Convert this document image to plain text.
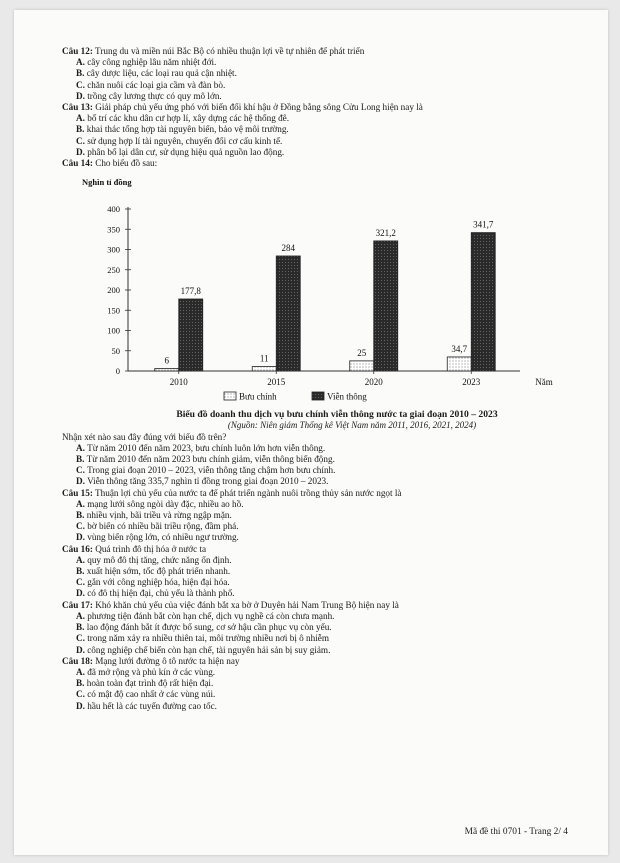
Câu 12: Trung du và miền núi Bắc Bộ có nhiều thuận lợi về tự nhiên để phát triển

A. cây công nghiệp lâu năm nhiệt đới.

B. cây dược liệu, các loại rau quả cận nhiệt.

C. chăn nuôi các loại gia cầm và đàn bò.

D. trồng cây lương thực có quy mô lớn.

Câu 13: Giải pháp chủ yếu ứng phó với biến đổi khí hậu ở Đồng bằng sông Cửu Long hiện nay là

A. bố trí các khu dân cư hợp lí, xây dựng các hệ thống đê.

B. khai thác tổng hợp tài nguyên biển, bảo vệ môi trường.

C. sử dụng hợp lí tài nguyên, chuyển đổi cơ cấu kinh tế.

D. phân bố lại dân cư, sử dụng hiệu quả nguồn lao động.

Câu 14: Cho biểu đồ sau:

Nghìn tỉ đồng
0
50
100
150
200
250
300
350
400
6
177,8
2010
11
284
2015
25
321,2
2020
34,7
341,7
2023	Năm
Bưu chính	Viễn thông
Biểu đồ doanh thu dịch vụ bưu chính viễn thông nước ta giai đoạn 2010 – 2023
(Nguồn: Niên giám Thống kê Việt Nam năm 2011, 2016, 2021, 2024)

Nhận xét nào sau đây đúng với biểu đồ trên?

A. Từ năm 2010 đến năm 2023, bưu chính luôn lớn hơn viễn thông.

B. Từ năm 2010 đến năm 2023 bưu chính giảm, viễn thông biến động.

C. Trong giai đoạn 2010 – 2023, viễn thông tăng chậm hơn bưu chính.

D. Viễn thông tăng 335,7 nghìn tỉ đồng trong giai đoạn 2010 – 2023.

Câu 15: Thuận lợi chủ yếu của nước ta để phát triển ngành nuôi trồng thủy sản nước ngọt là

A. mạng lưới sông ngòi dày đặc, nhiều ao hồ.

B. nhiều vịnh, bãi triều và rừng ngập mặn.

C. bờ biển có nhiều bãi triều rộng, đầm phá.

D. vùng biển rộng lớn, có nhiều ngư trường.

Câu 16: Quá trình đô thị hóa ở nước ta

A. quy mô đô thị tăng, chức năng ổn định.

B. xuất hiện sớm, tốc độ phát triển nhanh.

C. gắn với công nghiệp hóa, hiện đại hóa.

D. có đô thị hiện đại, chủ yếu là thành phố.

Câu 17: Khó khăn chủ yếu của việc đánh bắt xa bờ ở Duyên hải Nam Trung Bộ hiện nay là

A. phương tiện đánh bắt còn hạn chế, dịch vụ nghề cá còn chưa mạnh.

B. lao động đánh bắt ít được bổ sung, cơ sở hậu cần phục vụ còn yếu.

C. trong năm xảy ra nhiều thiên tai, môi trường nhiều nơi bị ô nhiễm

D. công nghiệp chế biến còn hạn chế, tài nguyên hải sản bị suy giảm.

Câu 18: Mạng lưới đường ô tô nước ta hiện nay

A. đã mở rộng và phủ kín ở các vùng.

B. hoàn toàn đạt trình độ rất hiện đại.

C. có mật độ cao nhất ở các vùng núi.

D. hầu hết là các tuyến đường cao tốc.

Mã đề thi 0701 - Trang 2/ 4
